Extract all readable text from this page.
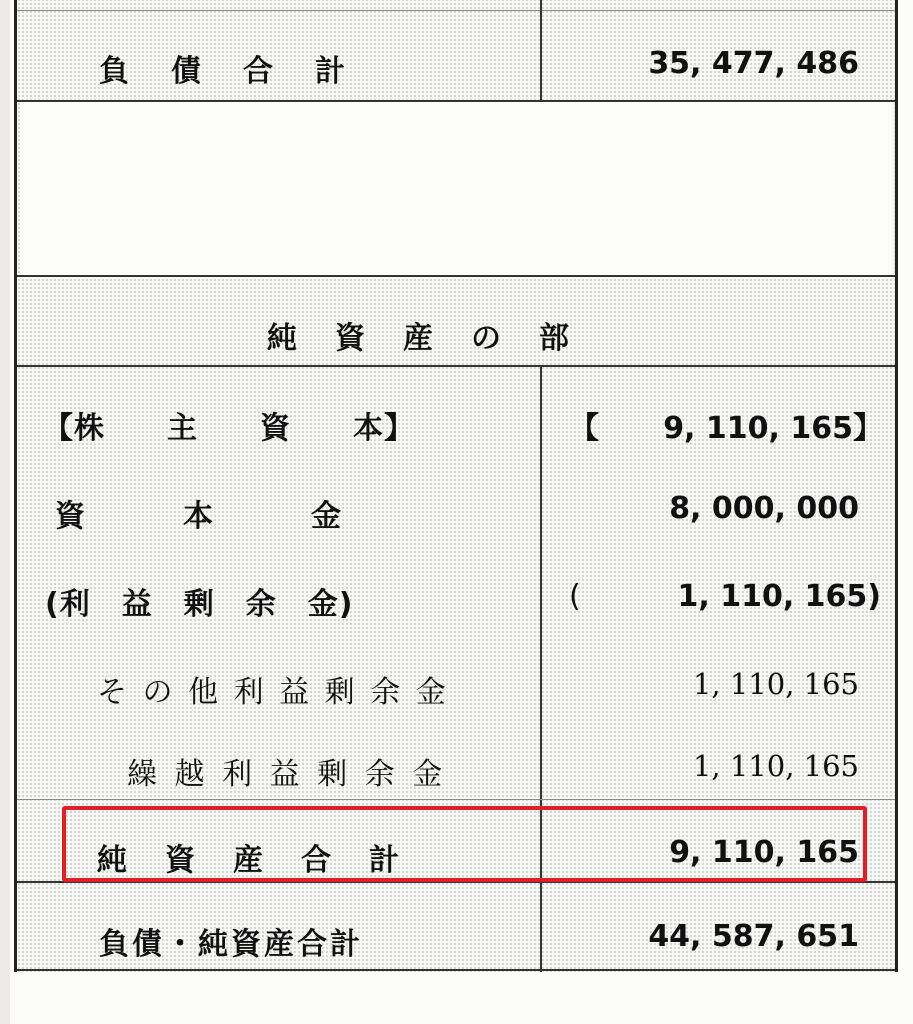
負　債　合　計	35, 477, 486
純　資　産　の　部
【株　　主　　資　　本】	【 9, 110, 165】
資　　　本　　　金	8, 000, 000
(利　益　剰　余　金)	(	1, 110, 165)
そ の 他 利 益 剰 余 金	1, 110, 165
繰 越 利 益 剰 余 金	1, 110, 165
純　資　産　合　計	9, 110, 165
負債・純資産合計	44, 587, 651
